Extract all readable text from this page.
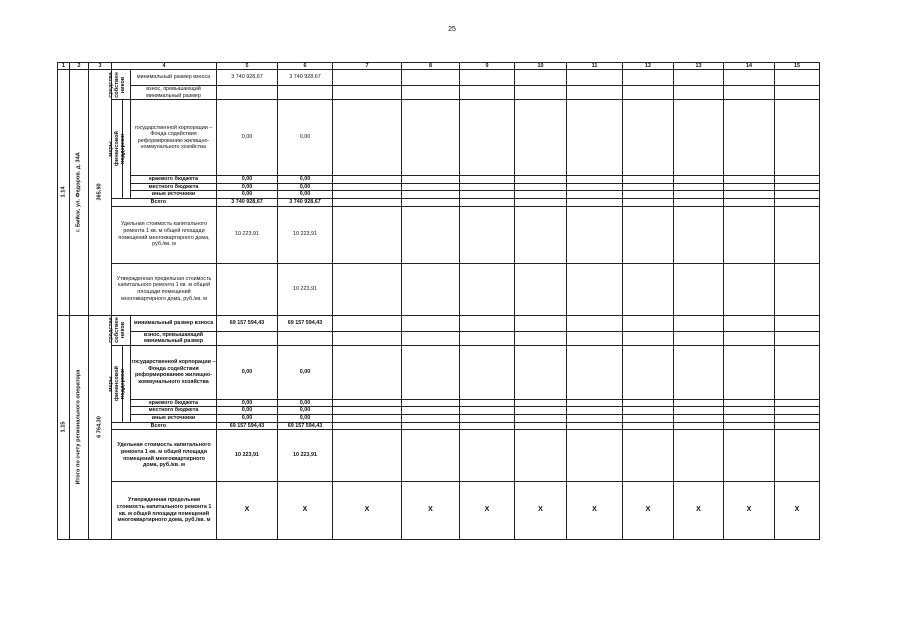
25
1	2	3	4			5	6	7	8	9	10	11	12	13	14	15

1.14	г. Бийск, ул. Федоров. д. 34А	365,90	средства собствен ников		минимальный размер взноса	3 740 928,67	3 740 928,67									
					взнос, превышающий минимальный размер											

			меры финансовой поддержки		государственной корпорации – Фонда содействия реформированию жилищно-коммунального хозяйства	0,00	0,00									
					краевого бюджета	0,00	0,00									
					местного бюджета	0,00	0,00									
					иные источники	0,00	0,00									
			Всего			3 740 928,67	3 740 928,67									
			Удельная стоимость капитального ремонта 1 кв. м общей площади помещений многоквартирного дома, руб./кв. м			10 223,91	10 223,91									
			Утвержденная предельная стоимость капитального ремонта 1 кв. м общей площади помещений многоквартирного дома, руб./кв. м				10 223,91									

1.15	Итого по счету регионального оператора	6 764,30	средства собствен ников		минимальный размер взноса	69 157 594,43	69 157 594,43									
					взнос, превышающий минимальный размер											

			меры финансовой поддержки		государственной корпорации – Фонда содействия реформированию жилищно-коммунального хозяйства	0,00	0,00									
					краевого бюджета	0,00	0,00									
					местного бюджета	0,00	0,00									
					иные источники	0,00	0,00									
			Всего			69 157 594,43	69 157 594,43									
			Удельная стоимость капитального ремонта 1 кв. м общей площади помещений многоквартирного дома, руб./кв. м			10 223,91	10 223,91									
			Утвержденная предельная стоимость капитального ремонта 1 кв. м общей площади помещений многоквартирного дома, руб./кв. м			X	X	X	X	X	X	X	X	X	X	X
